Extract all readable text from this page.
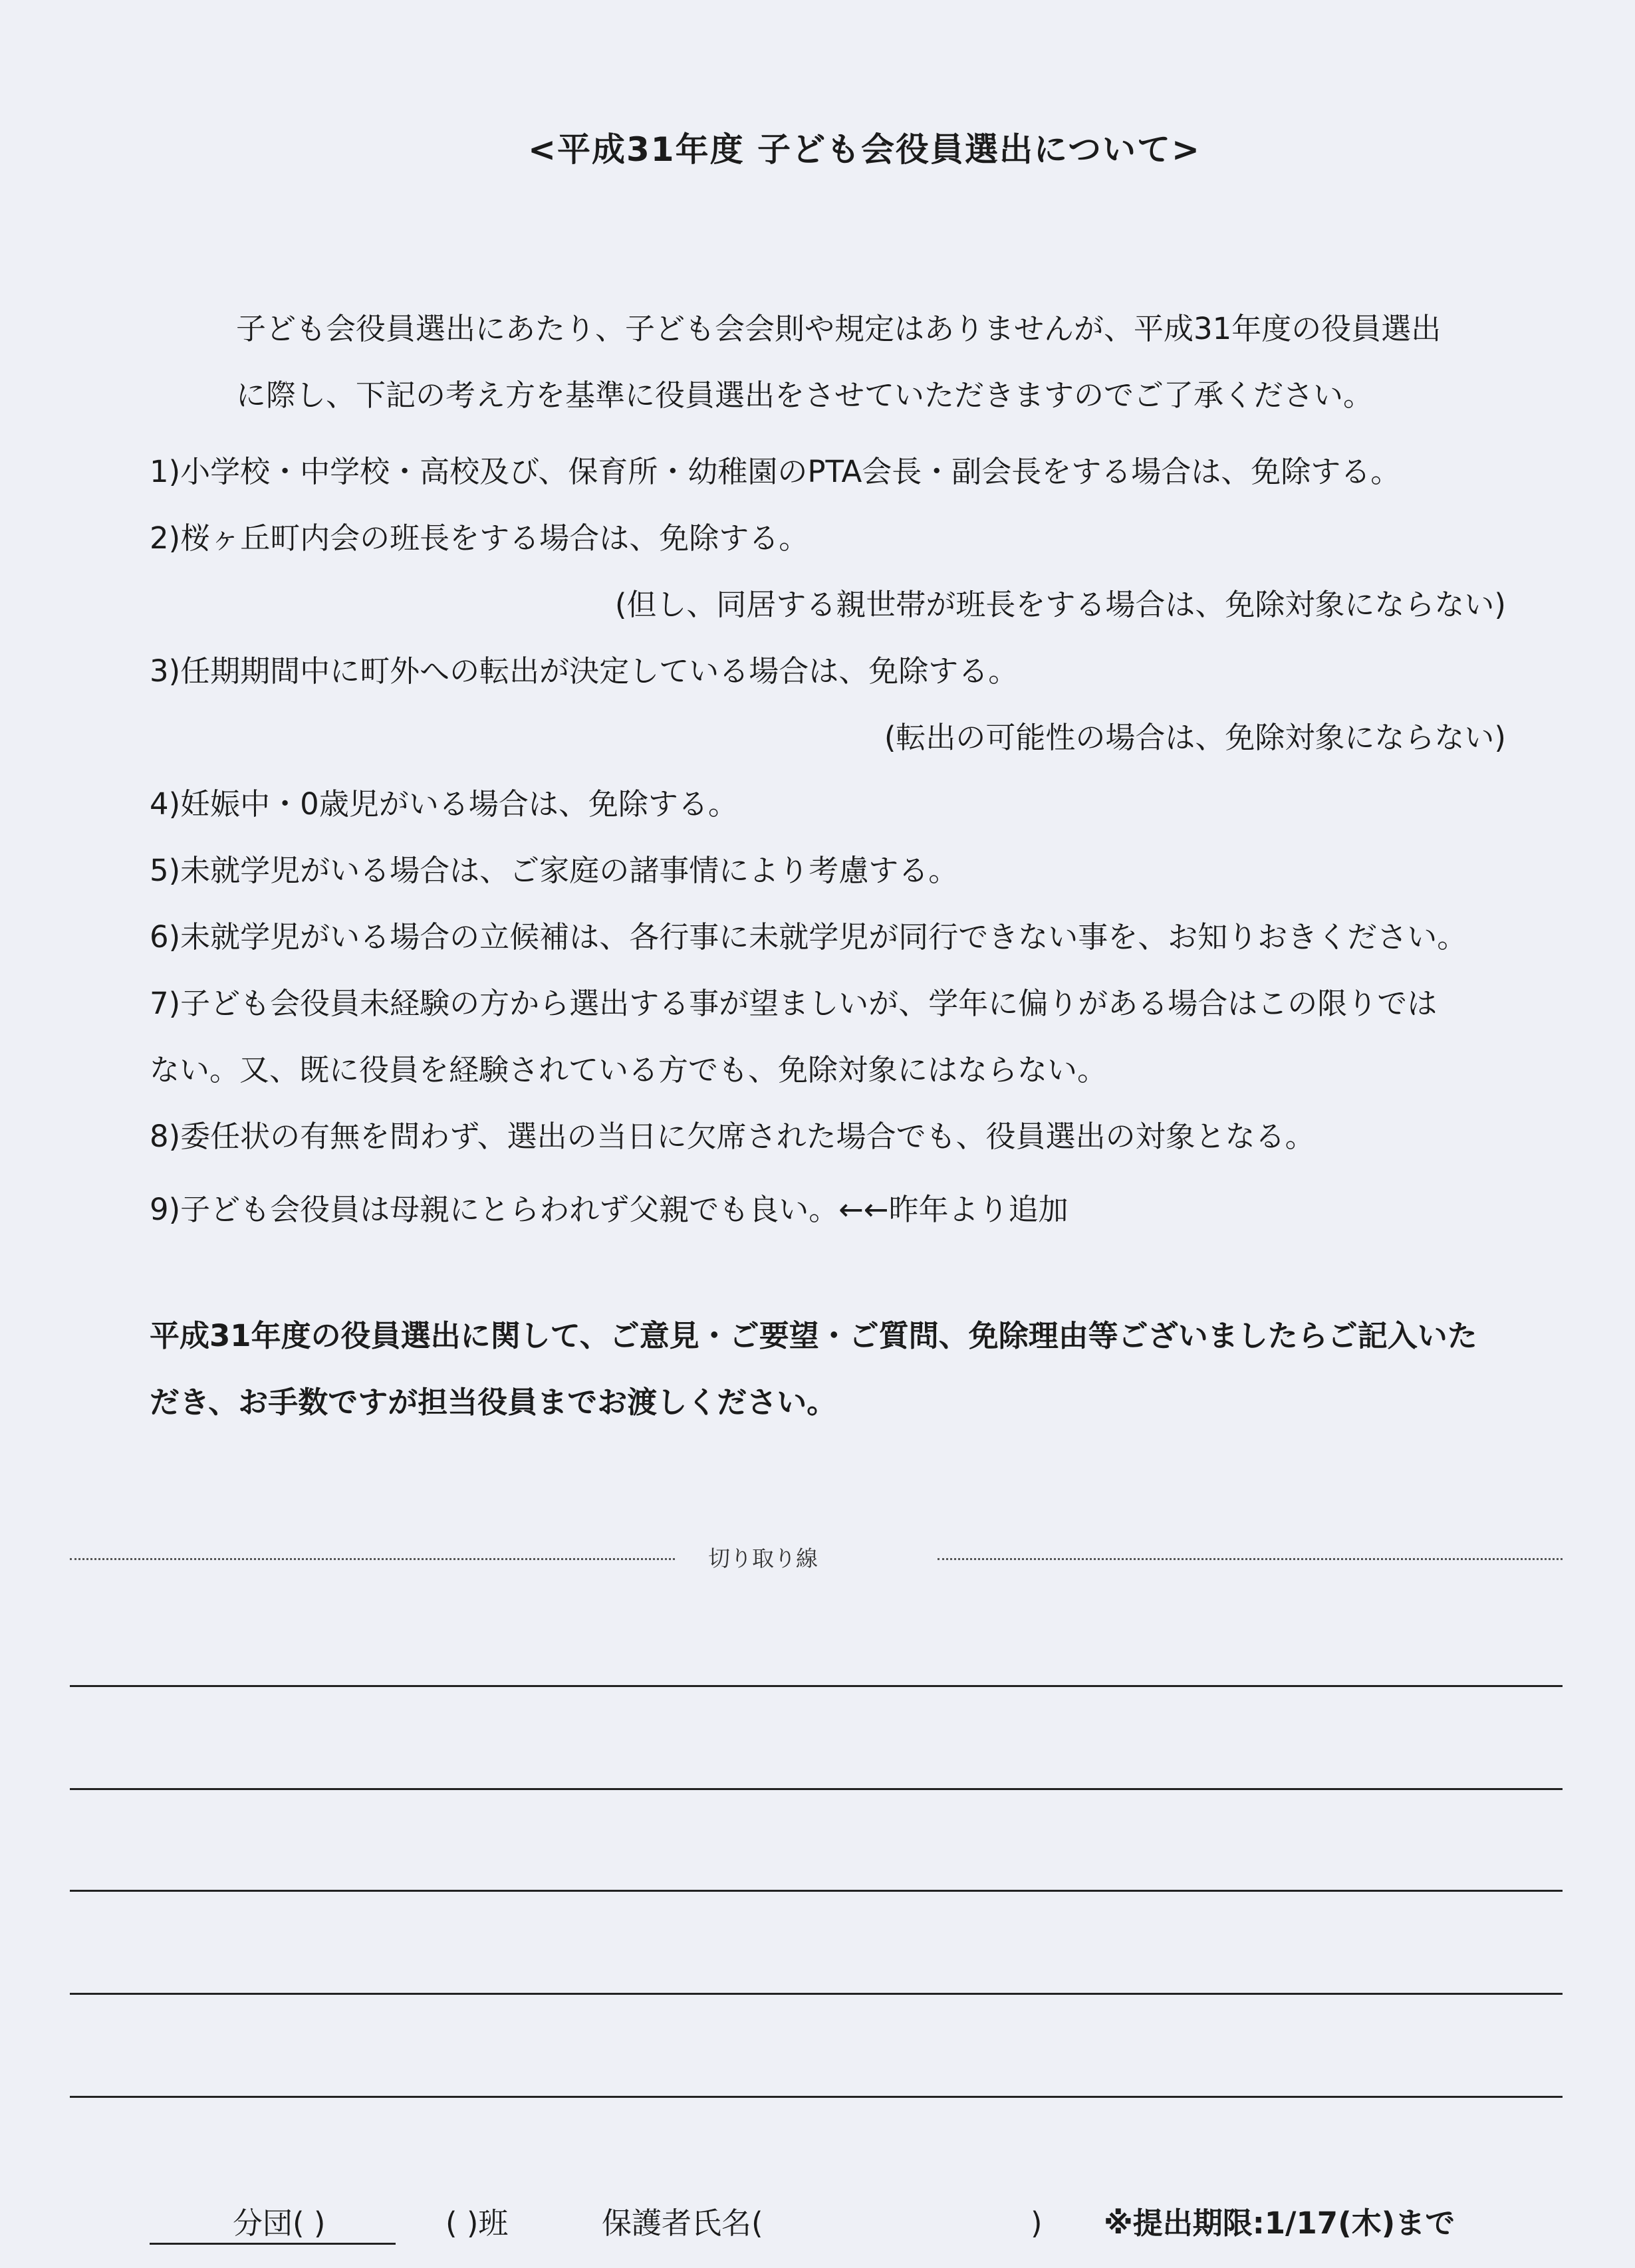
<平成31年度 子ども会役員選出について>
子ども会役員選出にあたり、子ども会会則や規定はありませんが、平成31年度の役員選出
に際し、下記の考え方を基準に役員選出をさせていただきますのでご了承ください。
1)小学校・中学校・高校及び、保育所・幼稚園のPTA会長・副会長をする場合は、免除する。
2)桜ヶ丘町内会の班長をする場合は、免除する。
(但し、同居する親世帯が班長をする場合は、免除対象にならない)
3)任期期間中に町外への転出が決定している場合は、免除する。
(転出の可能性の場合は、免除対象にならない)
4)妊娠中・0歳児がいる場合は、免除する。
5)未就学児がいる場合は、ご家庭の諸事情により考慮する。
6)未就学児がいる場合の立候補は、各行事に未就学児が同行できない事を、お知りおきください。
7)子ども会役員未経験の方から選出する事が望ましいが、学年に偏りがある場合はこの限りでは
ない。又、既に役員を経験されている方でも、免除対象にはならない。
8)委任状の有無を問わず、選出の当日に欠席された場合でも、役員選出の対象となる。
9)子ども会役員は母親にとらわれず父親でも良い。←←昨年より追加
平成31年度の役員選出に関して、ご意見・ご要望・ご質問、免除理由等ございましたらご記入いた
だき、お手数ですが担当役員までお渡しください。
切り取り線
分団( )	( )班	保護者氏名(	) ※提出期限:1/17(木)まで
